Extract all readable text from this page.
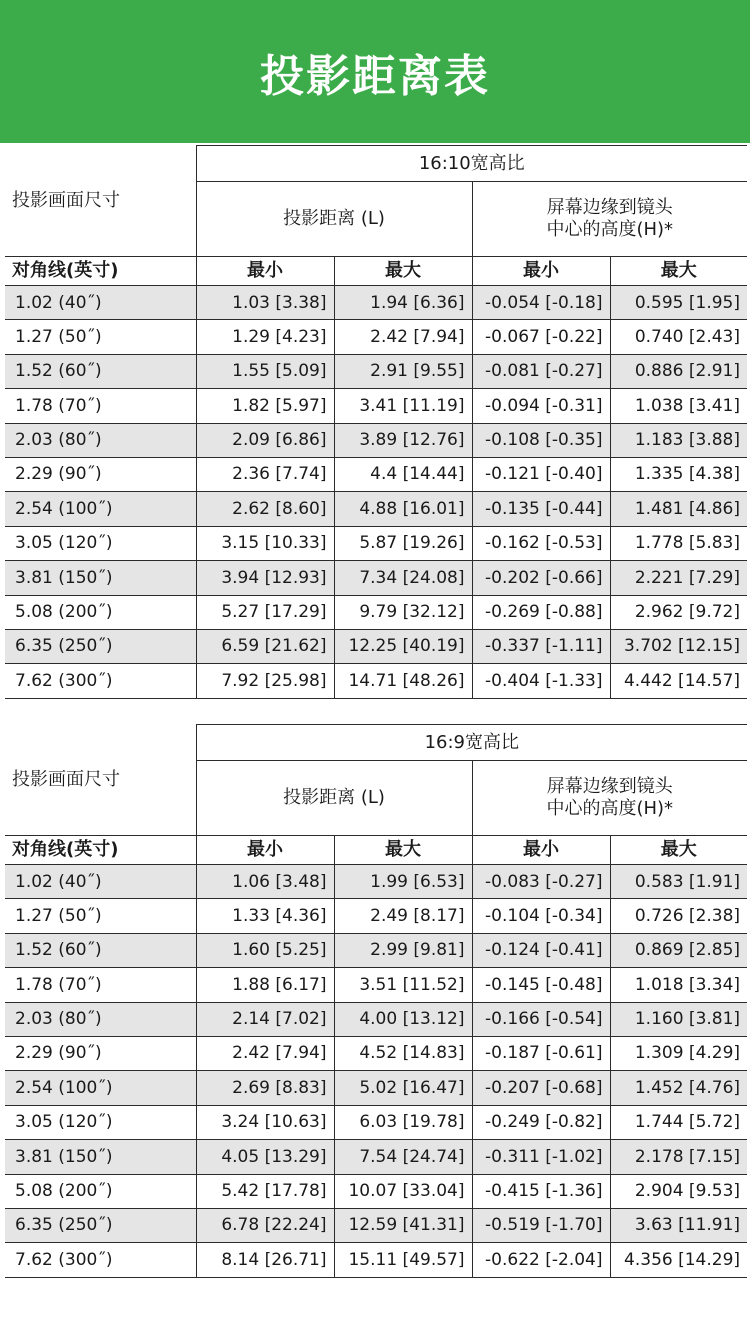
投影距离表
投影画面尺寸	16:10宽高比			
	投影距离 (L)		屏幕边缘到镜头
中心的高度(H)*	
对角线(英寸)	最小	最大	最小	最大
1.02 (40˝)	1.03 [3.38]	1.94 [6.36]	-0.054 [-0.18]	0.595 [1.95]
1.27 (50˝)	1.29 [4.23]	2.42 [7.94]	-0.067 [-0.22]	0.740 [2.43]
1.52 (60˝)	1.55 [5.09]	2.91 [9.55]	-0.081 [-0.27]	0.886 [2.91]
1.78 (70˝)	1.82 [5.97]	3.41 [11.19]	-0.094 [-0.31]	1.038 [3.41]
2.03 (80˝)	2.09 [6.86]	3.89 [12.76]	-0.108 [-0.35]	1.183 [3.88]
2.29 (90˝)	2.36 [7.74]	4.4 [14.44]	-0.121 [-0.40]	1.335 [4.38]
2.54 (100˝)	2.62 [8.60]	4.88 [16.01]	-0.135 [-0.44]	1.481 [4.86]
3.05 (120˝)	3.15 [10.33]	5.87 [19.26]	-0.162 [-0.53]	1.778 [5.83]
3.81 (150˝)	3.94 [12.93]	7.34 [24.08]	-0.202 [-0.66]	2.221 [7.29]
5.08 (200˝)	5.27 [17.29]	9.79 [32.12]	-0.269 [-0.88]	2.962 [9.72]
6.35 (250˝)	6.59 [21.62]	12.25 [40.19]	-0.337 [-1.11]	3.702 [12.15]
7.62 (300˝)	7.92 [25.98]	14.71 [48.26]	-0.404 [-1.33]	4.442 [14.57]
投影画面尺寸	16:9宽高比			
	投影距离 (L)		屏幕边缘到镜头
中心的高度(H)*	
对角线(英寸)	最小	最大	最小	最大
1.02 (40˝)	1.06 [3.48]	1.99 [6.53]	-0.083 [-0.27]	0.583 [1.91]
1.27 (50˝)	1.33 [4.36]	2.49 [8.17]	-0.104 [-0.34]	0.726 [2.38]
1.52 (60˝)	1.60 [5.25]	2.99 [9.81]	-0.124 [-0.41]	0.869 [2.85]
1.78 (70˝)	1.88 [6.17]	3.51 [11.52]	-0.145 [-0.48]	1.018 [3.34]
2.03 (80˝)	2.14 [7.02]	4.00 [13.12]	-0.166 [-0.54]	1.160 [3.81]
2.29 (90˝)	2.42 [7.94]	4.52 [14.83]	-0.187 [-0.61]	1.309 [4.29]
2.54 (100˝)	2.69 [8.83]	5.02 [16.47]	-0.207 [-0.68]	1.452 [4.76]
3.05 (120˝)	3.24 [10.63]	6.03 [19.78]	-0.249 [-0.82]	1.744 [5.72]
3.81 (150˝)	4.05 [13.29]	7.54 [24.74]	-0.311 [-1.02]	2.178 [7.15]
5.08 (200˝)	5.42 [17.78]	10.07 [33.04]	-0.415 [-1.36]	2.904 [9.53]
6.35 (250˝)	6.78 [22.24]	12.59 [41.31]	-0.519 [-1.70]	3.63 [11.91]
7.62 (300˝)	8.14 [26.71]	15.11 [49.57]	-0.622 [-2.04]	4.356 [14.29]
